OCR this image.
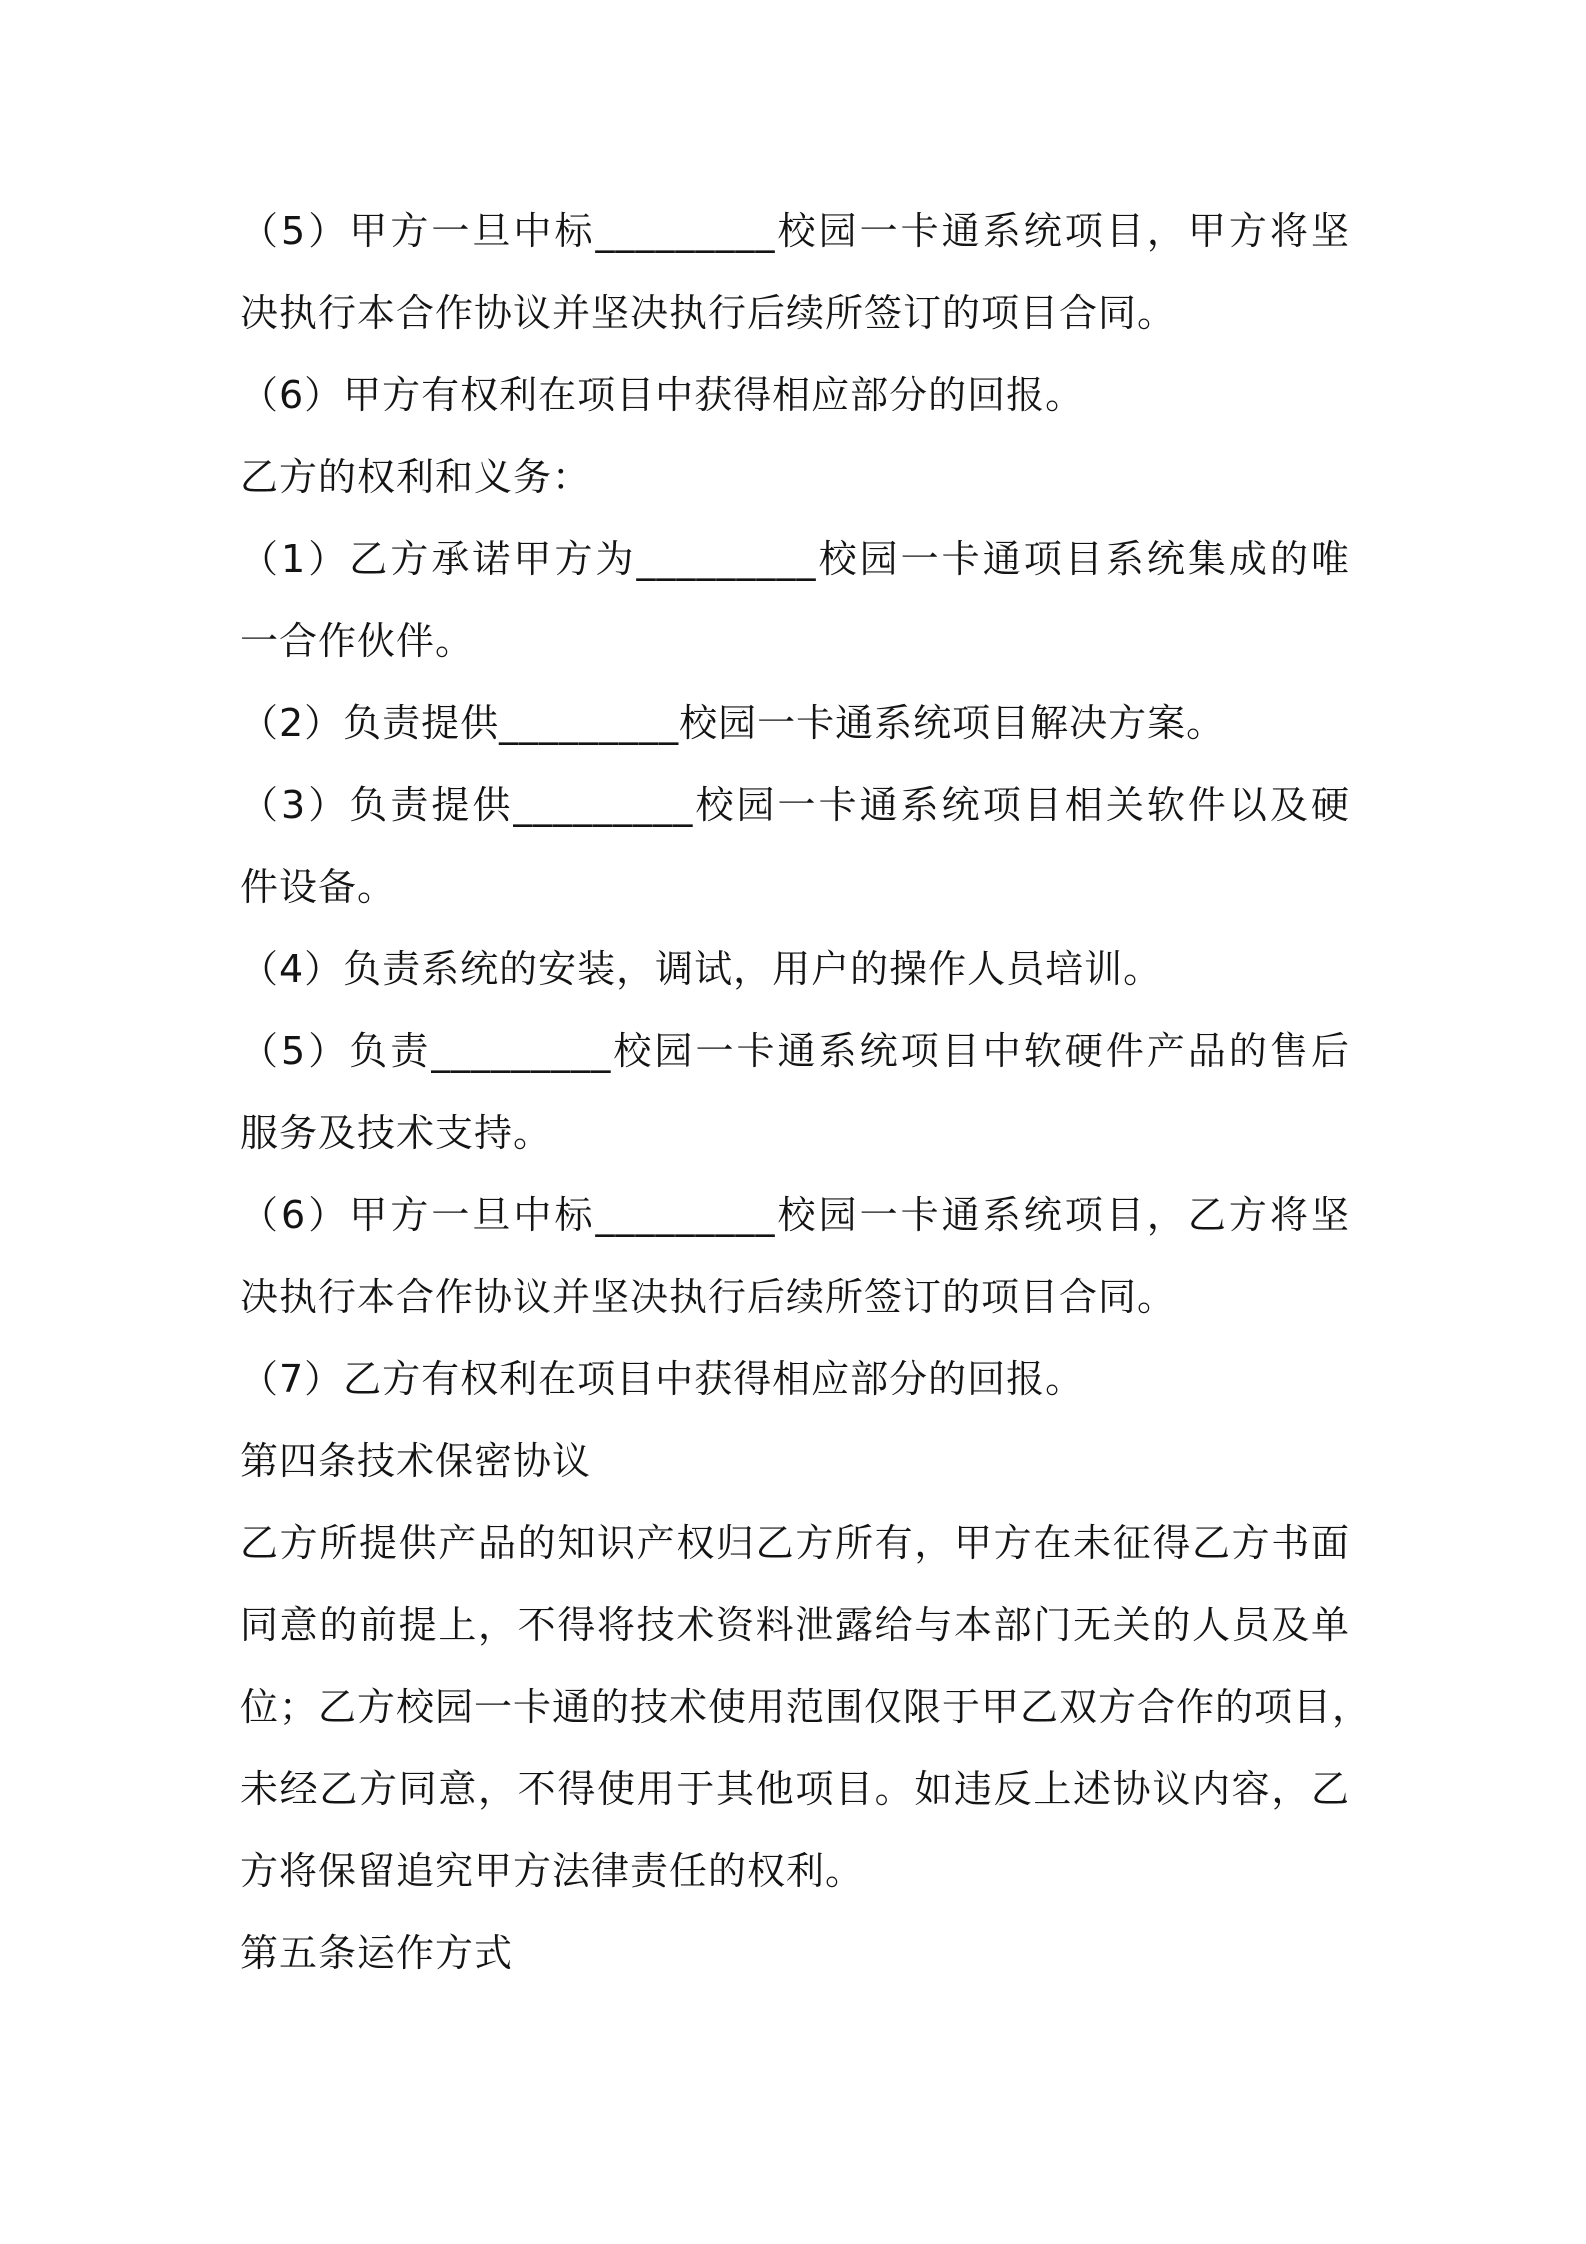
（5）甲方一旦中标_________校园一卡通系统项目，甲方将坚
决执行本合作协议并坚决执行后续所签订的项目合同。
（6）甲方有权利在项目中获得相应部分的回报。
乙方的权利和义务：
（1）乙方承诺甲方为_________校园一卡通项目系统集成的唯
一合作伙伴。
（2）负责提供_________校园一卡通系统项目解决方案。
（3）负责提供_________校园一卡通系统项目相关软件以及硬
件设备。
（4）负责系统的安装，调试，用户的操作人员培训。
（5）负责_________校园一卡通系统项目中软硬件产品的售后
服务及技术支持。
（6）甲方一旦中标_________校园一卡通系统项目，乙方将坚
决执行本合作协议并坚决执行后续所签订的项目合同。
（7）乙方有权利在项目中获得相应部分的回报。
第四条技术保密协议
乙方所提供产品的知识产权归乙方所有，甲方在未征得乙方书面
同意的前提上，不得将技术资料泄露给与本部门无关的人员及单
位；乙方校园一卡通的技术使用范围仅限于甲乙双方合作的项目，
未经乙方同意，不得使用于其他项目。如违反上述协议内容，乙
方将保留追究甲方法律责任的权利。
第五条运作方式
